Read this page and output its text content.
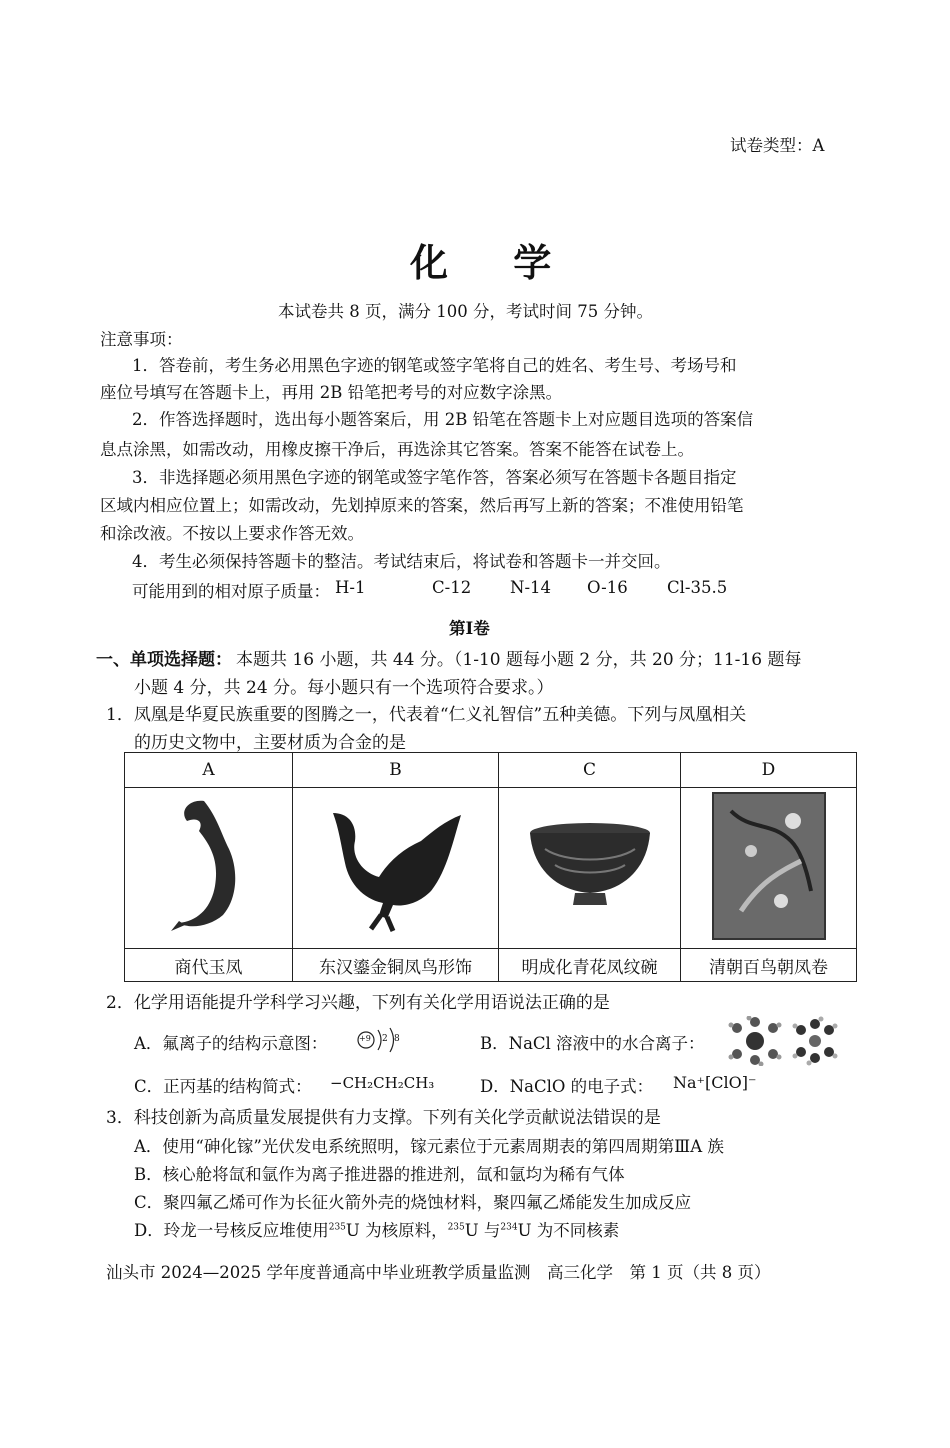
试卷类型：A
化 学
本试卷共 8 页，满分 100 分，考试时间 75 分钟。
注意事项：
1．答卷前，考生务必用黑色字迹的钢笔或签字笔将自己的姓名、考生号、考场号和
座位号填写在答题卡上，再用 2B 铅笔把考号的对应数字涂黑。
2．作答选择题时，选出每小题答案后，用 2B 铅笔在答题卡上对应题目选项的答案信
息点涂黑，如需改动，用橡皮擦干净后，再选涂其它答案。答案不能答在试卷上。
3．非选择题必须用黑色字迹的钢笔或签字笔作答，答案必须写在答题卡各题目指定
区域内相应位置上；如需改动，先划掉原来的答案，然后再写上新的答案；不准使用铅笔
和涂改液。不按以上要求作答无效。
4．考生必须保持答题卡的整洁。考试结束后，将试卷和答题卡一并交回。
可能用到的相对原子质量： H-1	C-12 N-14 O-16 Cl-35.5
第Ⅰ卷
一、单项选择题： 本题共 16 小题，共 44 分。（1-10 题每小题 2 分，共 20 分；11-16 题每
小题 4 分，共 24 分。每小题只有一个选项符合要求。）
1．凤凰是华夏民族重要的图腾之一，代表着“仁义礼智信”五种美德。下列与凤凰相关
的历史文物中，主要材质为合金的是
A	B	C	D

商代玉凤	东汉鎏金铜凤鸟形饰	明成化青花凤纹碗	清朝百鸟朝凤卷
2．化学用语能提升学科学习兴趣，下列有关化学用语说法正确的是
A．氟离子的结构示意图：	+9 2 8	B．NaCl 溶液中的水合离子：
C．正丙基的结构简式： −CH₂CH₂CH₃	D．NaClO 的电子式： Na⁺[ClO]⁻
3．科技创新为高质量发展提供有力支撑。下列有关化学贡献说法错误的是
A．使用“砷化镓”光伏发电系统照明，镓元素位于元素周期表的第四周期第ⅢA 族
B．核心舱将氙和氩作为离子推进器的推进剂，氙和氩均为稀有气体
C．聚四氟乙烯可作为长征火箭外壳的烧蚀材料，聚四氟乙烯能发生加成反应
D．玲龙一号核反应堆使用$^{235}$U 为核原料，$^{235}$U 与$^{234}$U 为不同核素
汕头市 2024—2025 学年度普通高中毕业班教学质量监测　高三化学　第 1 页（共 8 页）
